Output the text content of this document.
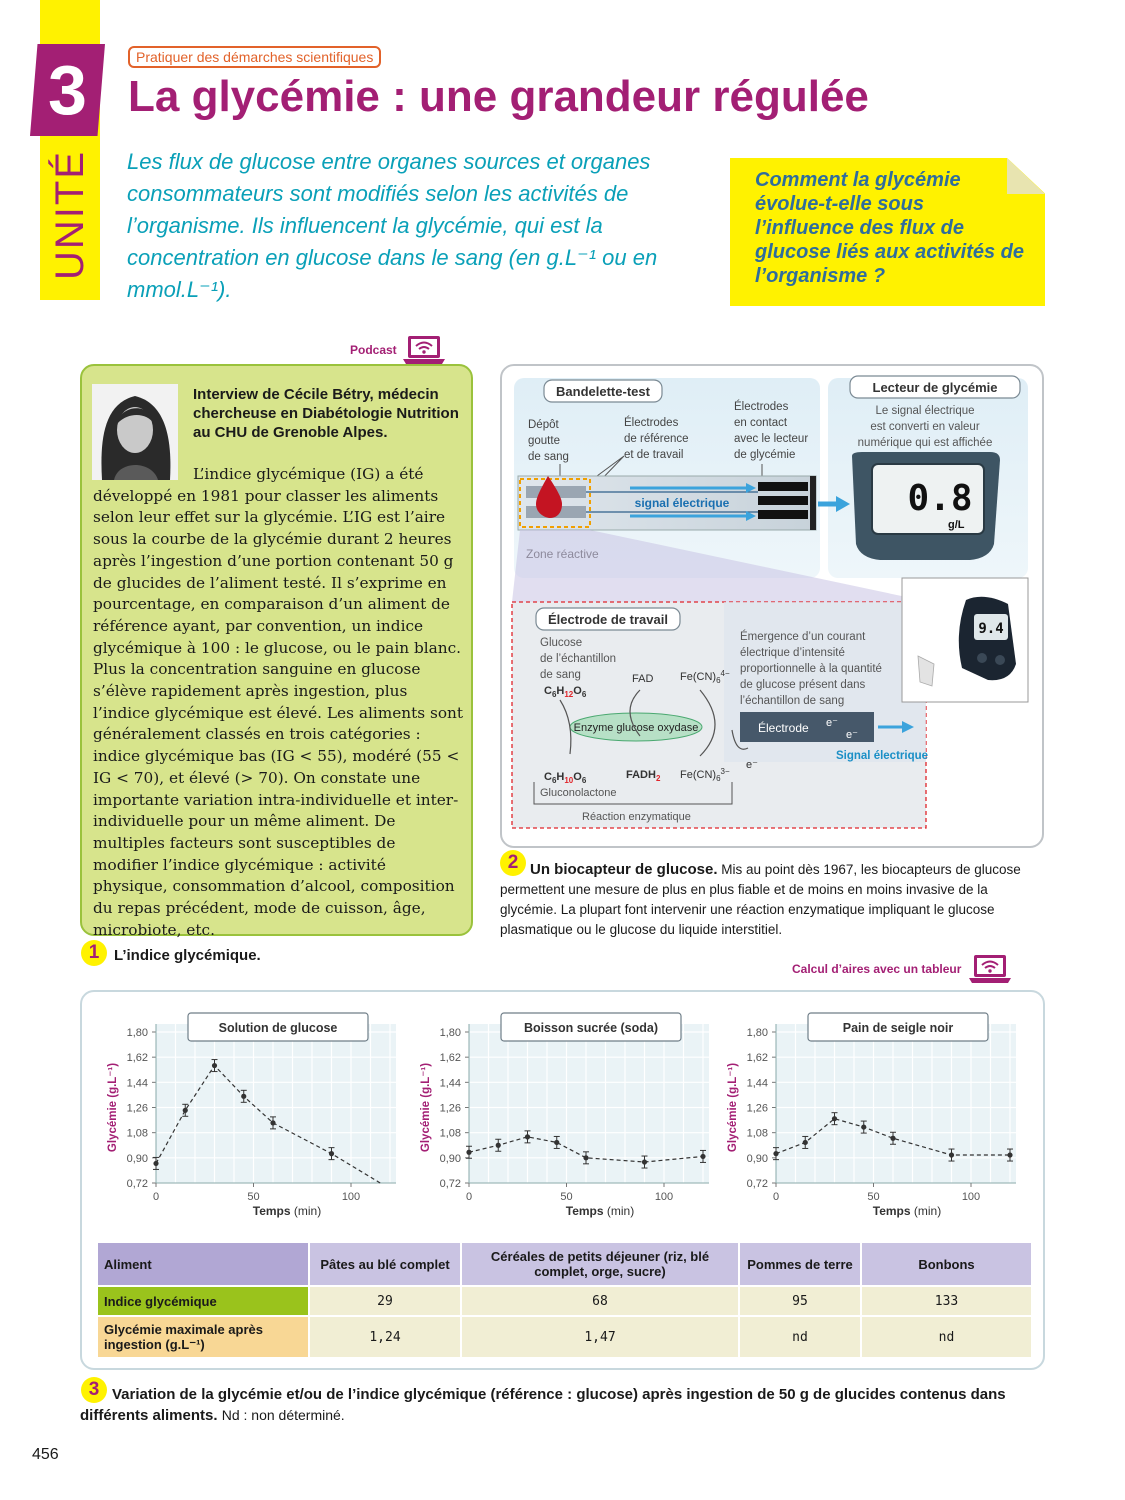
3
UNITÉ
Pratiquer des démarches scientifiques
La glycémie : une grandeur régulée

Les flux de glucose entre organes sources et organes consommateurs sont modifiés selon les activités de l’organisme. Ils influencent la glycémie, qui est la concentration en glucose dans le sang (en g.L⁻¹ ou en mmol.L⁻¹).

Comment la glycémie évolue-t-elle sous l’influence des flux de glucose liés aux activités de l’organisme ?

Podcast
Interview de Cécile Bétry, médecin chercheuse en Diabétologie Nutrition au CHU de Grenoble Alpes.

L’indice glycémique (IG) a été développé en 1981 pour classer les aliments selon leur effet sur la glycémie. L’IG est l’aire sous la courbe de la glycémie durant 2 heures après l’ingestion d’une portion contenant 50 g de glucides de l’aliment testé. Il s’exprime en pourcentage, en comparaison d’un aliment de référence ayant, par convention, un indice glycémique à 100 : le glucose, ou le pain blanc. Plus la concentration sanguine en glucose s’élève rapidement après ingestion, plus l’indice glycémique est élevé. Les aliments sont généralement classés en trois catégories : indice glycémique bas (IG < 55), modéré (55 < IG < 70), et élevé (> 70). On constate une importante variation intra-individuelle et inter-individuelle pour un même aliment. De multiples facteurs sont susceptibles de modifier l’indice glycémique : activité physique, consommation d’alcool, composition du repas précédent, mode de cuisson, âge, microbiote, etc.

1 L’indice glycémique.
Bandelette-test	Lecteur de glycémie
Dépôt goutte de sang
Électrodes de référence et de travail
Électrodes en contact avec le lecteur de glycémie
signal électrique
Le signal électrique est converti en valeur numérique qui est affichée
0.8
g/L
Électrode de travail
Glucose de l’échantillon de sang
$C_6H_{12}O_6$
FAD $Fe(CN)_6^{4-}$
Enzyme glucose oxydase
$C_6H_{10}O_6$	$FADH_2$ $Fe(CN)_6^{3-}$
Gluconolactone
Réaction enzymatique
Émergence d’un courant électrique d’intensité proportionnelle à la quantité de glucose présent dans l’échantillon de sang
Électrode e⁻
e⁻
e⁻
Signal électrique
9.4
2 Un biocapteur de glucose. Mis au point dès 1967, les biocapteurs de glucose permettent une mesure de plus en plus fiable et de moins en moins invasive de la glycémie. La plupart font intervenir une réaction enzymatique impliquant le glucose plasmatique ou le glucose du liquide interstitiel.

Calcul d’aires avec un tableur
0,72
0,90
1,08
1,26
1,44
1,62
1,80
0	50	100
Solution de glucose
Temps (min)
Glycémie (g.L⁻¹)
0,72
0,90
1,08
1,26
1,44
1,62
1,80
0	50	100
Boisson sucrée (soda)
Temps (min)
Glycémie (g.L⁻¹)
0,72
0,90
1,08
1,26
1,44
1,62
1,80
0	50	100
Pain de seigle noir
Temps (min)
Glycémie (g.L⁻¹)
Aliment	Pâtes au blé complet	Céréales de petits déjeuner (riz, blé complet, orge, sucre)	Pommes de terre	Bonbons
Indice glycémique	29	68	95	133
Glycémie maximale après ingestion (g.L⁻¹)	1,24	1,47	nd	nd
3 Variation de la glycémie et/ou de l’indice glycémique (référence : glucose) après ingestion de 50 g de glucides contenus dans différents aliments. Nd : non déterminé.

456
